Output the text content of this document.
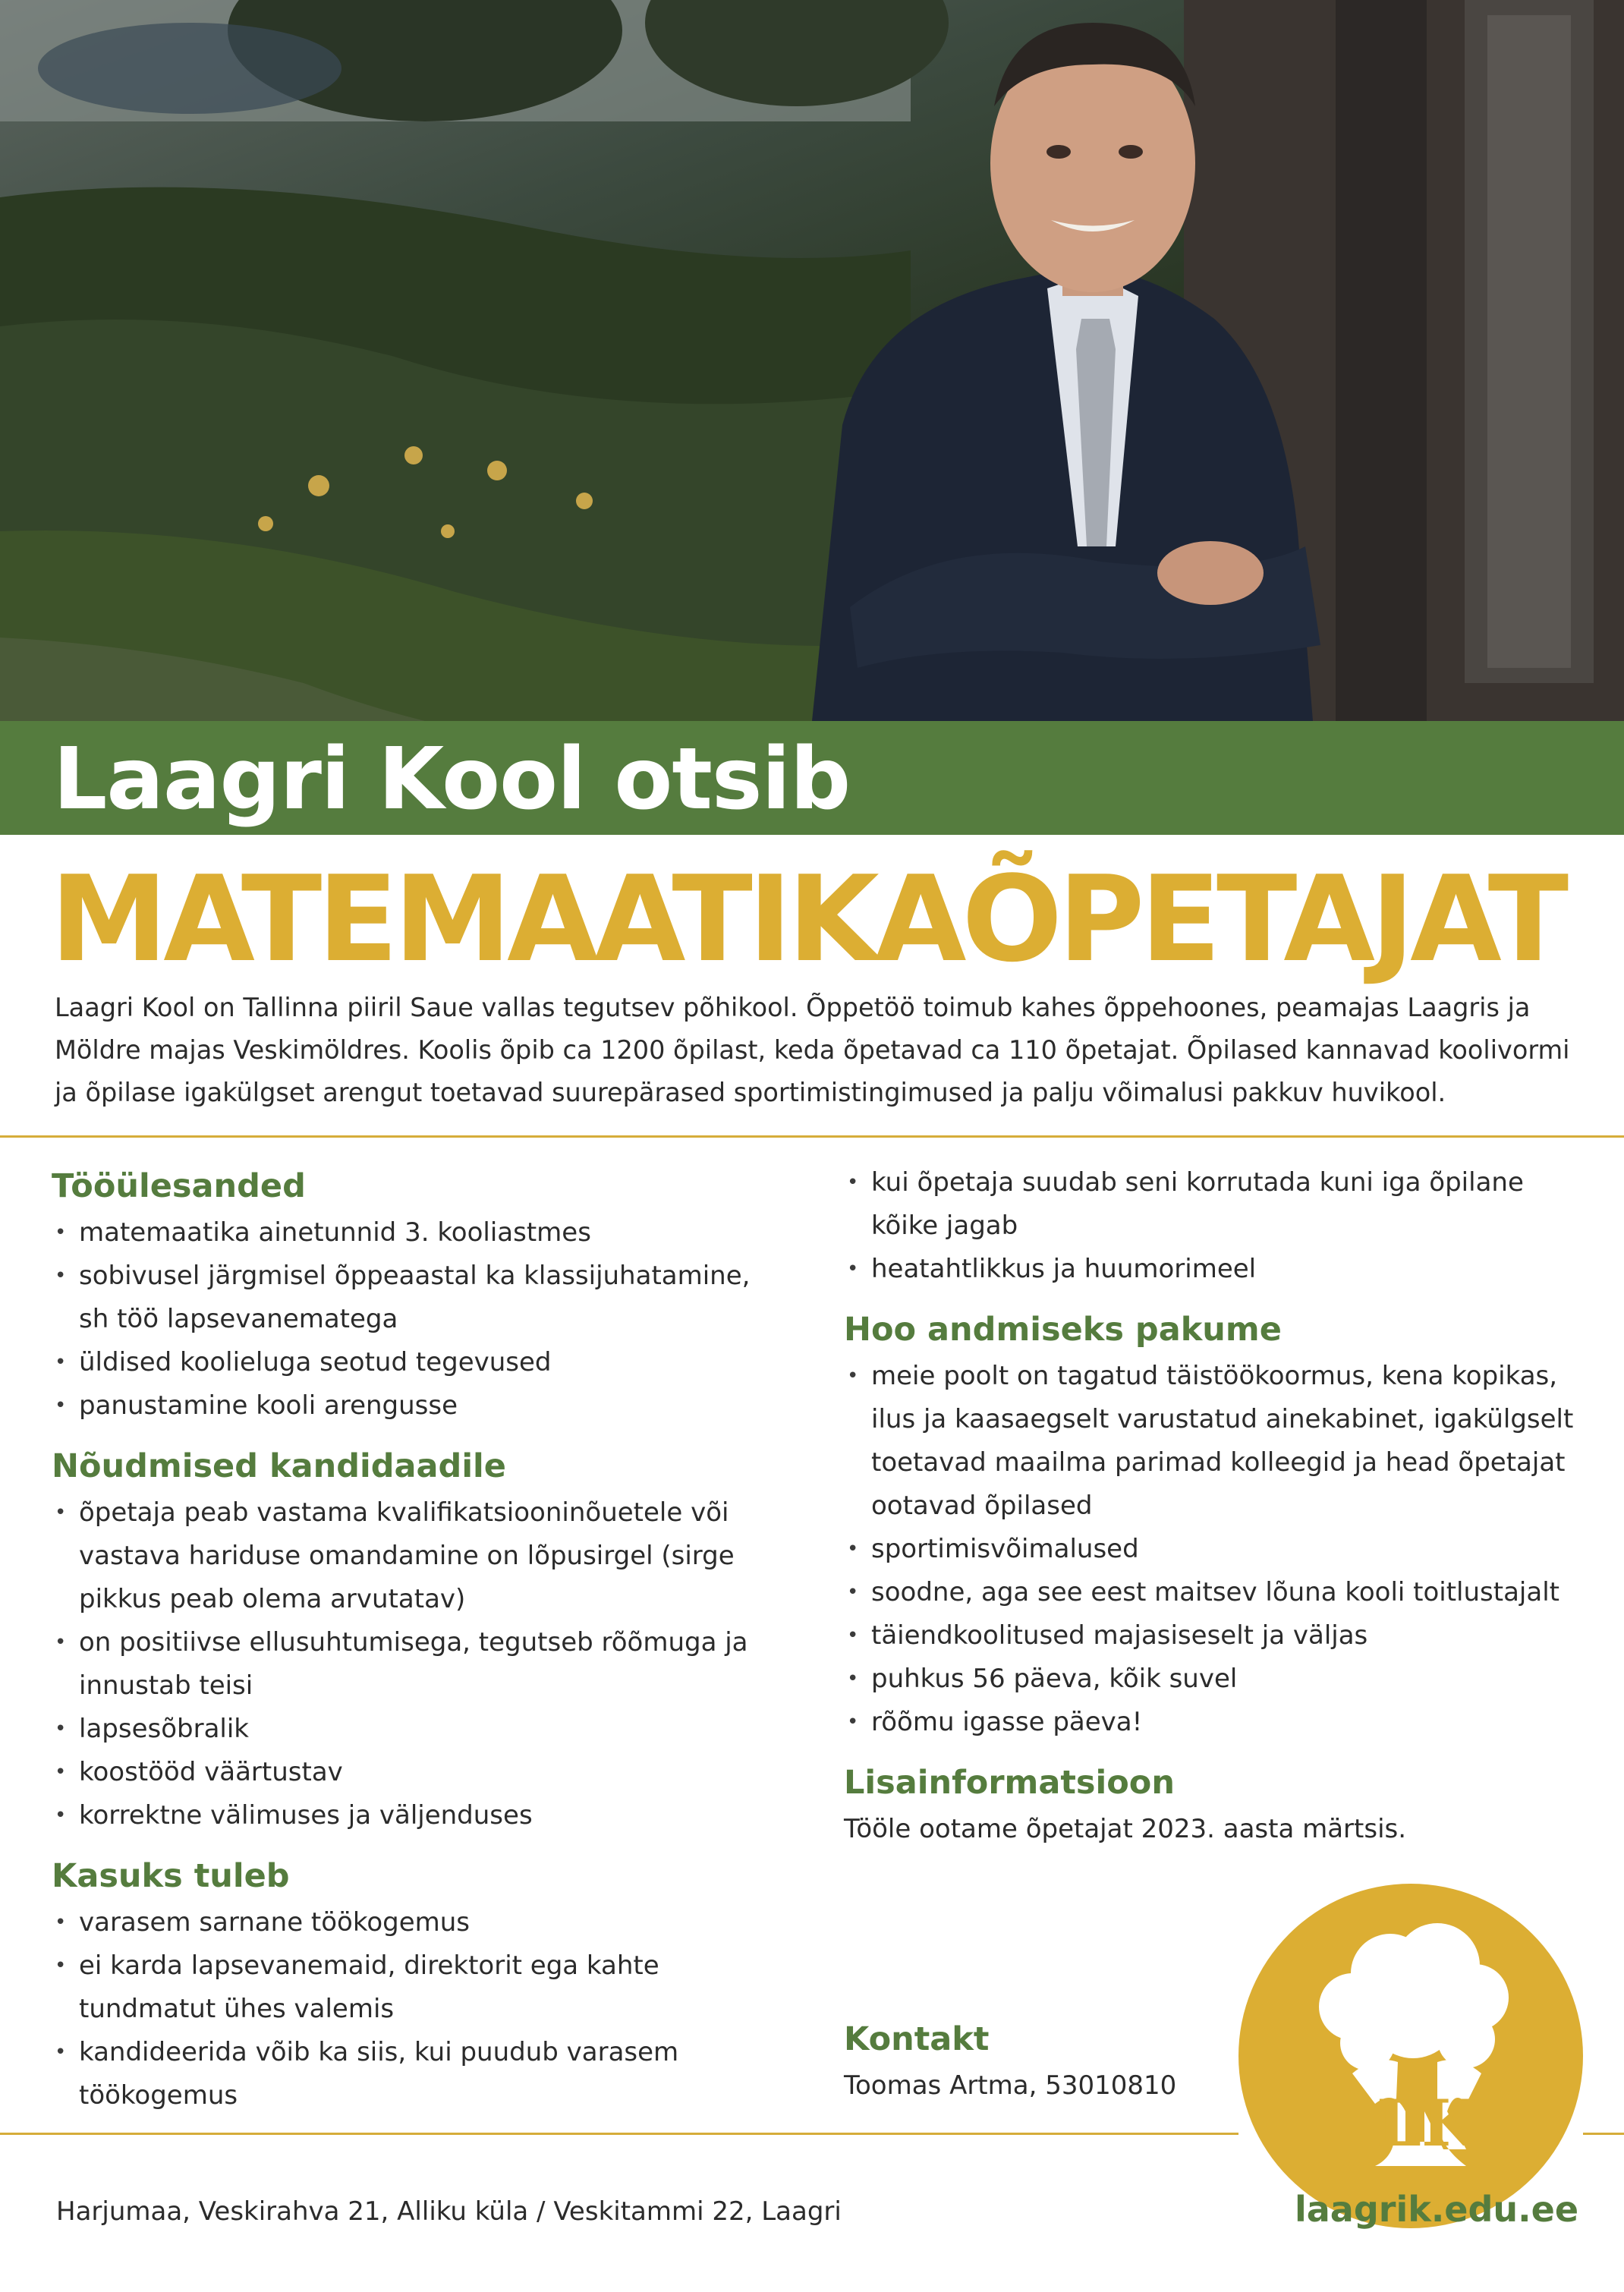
Laagri Kool otsib
MATEMAATIKAÕPETAJAT
Laagri Kool on Tallinna piiril Saue vallas tegutsev põhikool. Õppetöö toimub kahes õppehoones, peamajas Laagris ja Möldre majas Veskimöldres. Koolis õpib ca 1200 õpilast, keda õpetavad ca 110 õpetajat. Õpilased kannavad koolivormi ja õpilase igakülgset arengut toetavad suurepärased sportimistingimused ja palju võimalusi pakkuv huvikool.
Tööülesanded
• matemaatika ainetunnid 3. kooliastmes
• sobivusel järgmisel õppeaastal ka klassijuhatamine, sh töö lapsevanematega
• üldised koolieluga seotud tegevused
• panustamine kooli arengusse
Nõudmised kandidaadile
• õpetaja peab vastama kvalifikatsiooninõuetele või vastava hariduse omandamine on lõpusirgel (sirge pikkus peab olema arvutatav)
• on positiivse ellusuhtumisega, tegutseb rõõmuga ja innustab teisi
• lapsesõbralik
• koostööd väärtustav
• korrektne välimuses ja väljenduses
Kasuks tuleb
• varasem sarnane töökogemus
• ei karda lapsevanemaid, direktorit ega kahte tundmatut ühes valemis
• kandideerida võib ka siis, kui puudub varasem töökogemus
• kui õpetaja suudab seni korrutada kuni iga õpilane kõike jagab
• heatahtlikkus ja huumorimeel
Hoo andmiseks pakume
• meie poolt on tagatud täistöökoormus, kena kopikas, ilus ja kaasaegselt varustatud ainekabinet, igakülgselt toetavad maailma parimad kolleegid ja head õpetajat ootavad õpilased
• sportimisvõimalused
• soodne, aga see eest maitsev lõuna kooli toitlustajalt
• täiendkoolitused majasiseselt ja väljas
• puhkus 56 päeva, kõik suvel
• rõõmu igasse päeva!
Lisainformatsioon

Tööle ootame õpetajat 2023. aasta märtsis.

Kontakt

Toomas Artma, 53010810	LK
Harjumaa, Veskirahva 21, Alliku küla / Veskitammi 22, Laagri	laagrik.edu.ee
